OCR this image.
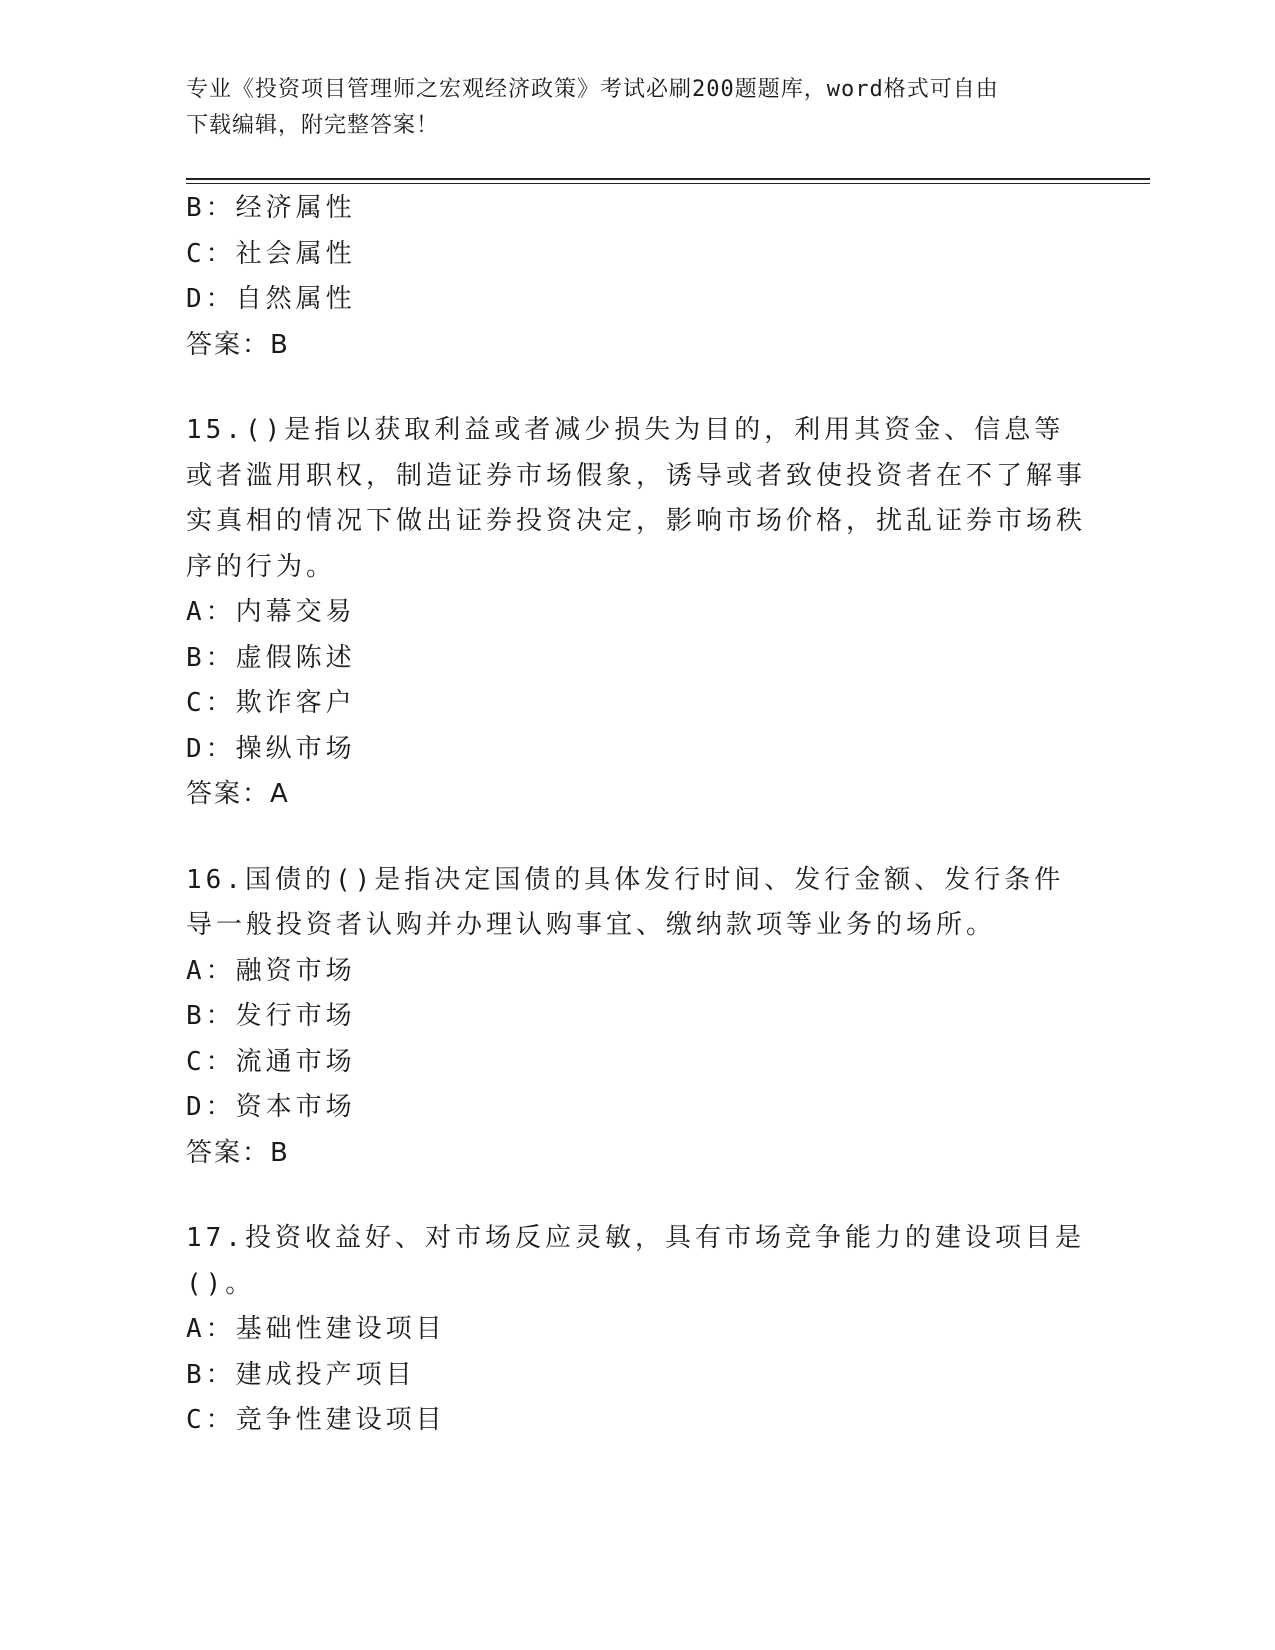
专业《投资项目管理师之宏观经济政策》考试必刷200题题库，word格式可自由
下载编辑，附完整答案！
B：经济属性
C：社会属性
D：自然属性
答案：B
15.()是指以获取利益或者减少损失为目的，利用其资金、信息等
或者滥用职权，制造证券市场假象，诱导或者致使投资者在不了解事
实真相的情况下做出证券投资决定，影响市场价格，扰乱证券市场秩
序的行为。
A：内幕交易
B：虚假陈述
C：欺诈客户
D：操纵市场
答案：A
16.国债的()是指决定国债的具体发行时间、发行金额、发行条件
导一般投资者认购并办理认购事宜、缴纳款项等业务的场所。
A：融资市场
B：发行市场
C：流通市场
D：资本市场
答案：B
17.投资收益好、对市场反应灵敏，具有市场竞争能力的建设项目是
()。
A：基础性建设项目
B：建成投产项目
C：竞争性建设项目
